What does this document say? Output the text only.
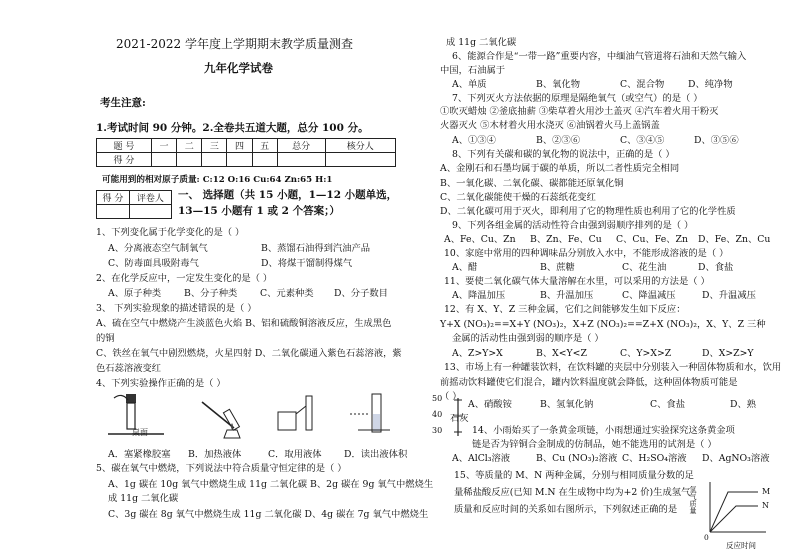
2021-2022 学年度上学期期末教学质量测查
九年化学试卷
考生注意:
1.考试时间 90 分钟。2.全卷共五道大题，总分 100 分。
题 号	一	二	三	四	五	总分	核分人
得 分							
可能用到的相对原子质量: C:12 O:16 Cu:64 Zn:65 H:1
得 分	评卷人
	一、 选择题（共 15 小题，1—12 小题单选，
13—15 小题有 1 或 2 个答案；）
1、下列变化属于化学变化的是（ ）
A、分离液态空气制氧气	B、蒸馏石油得到汽油产品
C、防毒面具吸附毒气	D、将煤干馏制得煤气
2、在化学反应中，一定发生变化的是（ ）
A、原子种类 B、分子种类 C、元素种类 D、分子数目
3、 下列实验现象的描述错误的是（ ）
A、硫在空气中燃烧产生淡蓝色火焰 B、铝和硫酸铜溶液反应，生成黑色
的铜
C、铁丝在氧气中剧烈燃烧，火星四射 D、二氧化碳通入紫色石蕊溶液，紫
色石蕊溶液变红
4、下列实验操作正确的是（ ）
桌面
A．塞紧橡胶塞 B．加热液体	C．取用液体 D．读出液体积
5、碳在氧气中燃烧，下列说法中符合质量守恒定律的是（ ）
A、1g 碳在 10g 氧气中燃烧生成 11g 二氧化碳 B、2g 碳在 9g 氧气中燃烧生
成 11g 二氧化碳
C、3g 碳在 8g 氧气中燃烧生成 11g 二氧化碳 D、4g 碳在 7g 氧气中燃烧生
成 11g 二氧化碳
6、能源合作是“一带一路”重要内容，中缅油气管道将石油和天然气输入
中国，石油属于
A、单质	B、氧化物	C、混合物	D、纯净物
7、下列灭火方法依据的原理是隔绝氧气（或空气）的是（ ）
①吹灭蜡烛 ②釜底抽薪 ③柴草着火用沙土盖灭 ④汽车着火用干粉灭
火器灭火 ⑤木材着火用水浇灭 ⑥油锅着火马上盖锅盖
A、①③④	B、②③⑥	C、③④⑤	D、③⑤⑥
8、下列有关碳和碳的氧化物的说法中，正确的是（ ）
A、金刚石和石墨均属于碳的单质，所以二者性质完全相同
B、一氧化碳、二氧化碳、碳都能还原氧化铜
C、二氧化碳能使干燥的石蕊纸花变红
D、二氧化碳可用于灭火，即利用了它的物理性质也利用了它的化学性质
9、下列各组金属的活动性符合由强到弱顺序排列的是（ ）
A、Fe、Cu、Zn B、Zn、Fe、Cu C、Cu、Fe、Zn D、Fe、Zn、Cu
10、家庭中常用的四种调味品分别放入水中，不能形成溶液的是（ ）
A、醋	B、蔗糖	C、花生油	D、食盐
11、要使二氧化碳气体大量溶解在水里，可以采用的方法是（ ）
A、降温加压	B、升温加压	C、降温减压	D、升温减压
12、有 X、Y、Z 三种金属，它们之间能够发生如下反应：
Y+X (NO₃)₂==X+Y (NO₃)₂，X+Z (NO₃)₂==Z+X (NO₃)₂，X、Y、Z 三种
金属的活动性由强到弱的顺序是（ ）
A、Z>Y>X	B、X<Y<Z	C、Y>X>Z	D、X>Z>Y
13、市场上有一种罐装饮料，在饮料罐的夹层中分别装入一种固体物质和水，饮用
前摇动饮料罐使它们混合，罐内饮料温度就会降低，这种固体物质可能是
（ ）
50
40
30
A、硝酸铵	B、氢氧化钠	C、食盐	D、熟
石灰
14、小雨始买了一条黄金项链，小雨想通过实验探究这条黄金项
链是否为锌铜合金制成的仿制品，她不能选用的试剂是（ ）
A、AlCl₃溶液	B、Cu (NO₃)₂溶液 C、H₂SO₄溶液 D、AgNO₃溶液
15、等质量的 M、N 两种金属，分别与相同质量分数的足
量稀盐酸反应(已知 M.N 在生成物中均为+2 价)生成氢气
质量和反应时间的关系如右图所示，下列叙述正确的是 氢气质量	M
N
0
反应时间
